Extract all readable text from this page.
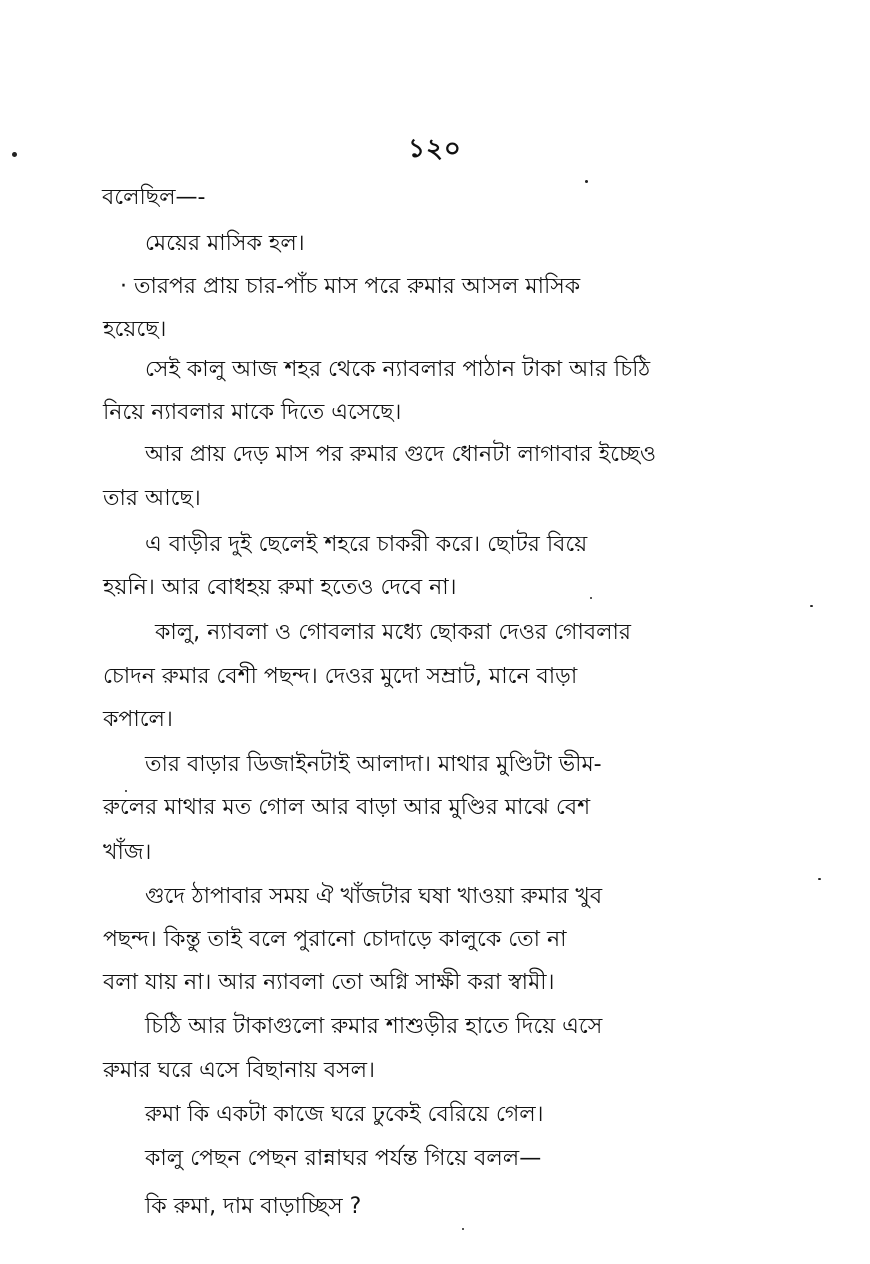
১২০
বলেছিল—-
মেয়ের মাসিক হল।
· তারপর প্রায় চার-পাঁচ মাস পরে রুমার আসল মাসিক
হয়েছে।
সেই কালু আজ শহর থেকে ন্যাবলার পাঠান টাকা আর চিঠি
নিয়ে ন্যাবলার মাকে দিতে এসেছে।
আর প্রায় দেড় মাস পর রুমার গুদে ধোনটা লাগাবার ইচ্ছেও
তার আছে।
এ বাড়ীর দুই ছেলেই শহরে চাকরী করে। ছোটর বিয়ে
হয়নি। আর বোধহয় রুমা হতেও দেবে না।
কালু, ন্যাবলা ও গোবলার মধ্যে ছোকরা দেওর গোবলার
চোদন রুমার বেশী পছন্দ। দেওর মুদো সম্রাট, মানে বাড়া
কপালে।
তার বাড়ার ডিজাইনটাই আলাদা। মাথার মুণ্ডিটা ভীম-
রুলের মাথার মত গোল আর বাড়া আর মুণ্ডির মাঝে বেশ
খাঁজ।
গুদে ঠাপাবার সময় ঐ খাঁজটার ঘষা খাওয়া রুমার খুব
পছন্দ। কিন্তু তাই বলে পুরানো চোদাড়ে কালুকে তো না
বলা যায় না। আর ন্যাবলা তো অগ্নি সাক্ষী করা স্বামী।
চিঠি আর টাকাগুলো রুমার শাশুড়ীর হাতে দিয়ে এসে
রুমার ঘরে এসে বিছানায় বসল।
রুমা কি একটা কাজে ঘরে ঢুকেই বেরিয়ে গেল।
কালু পেছন পেছন রান্নাঘর পর্যন্ত গিয়ে বলল—
কি রুমা, দাম বাড়াচ্ছিস ?
